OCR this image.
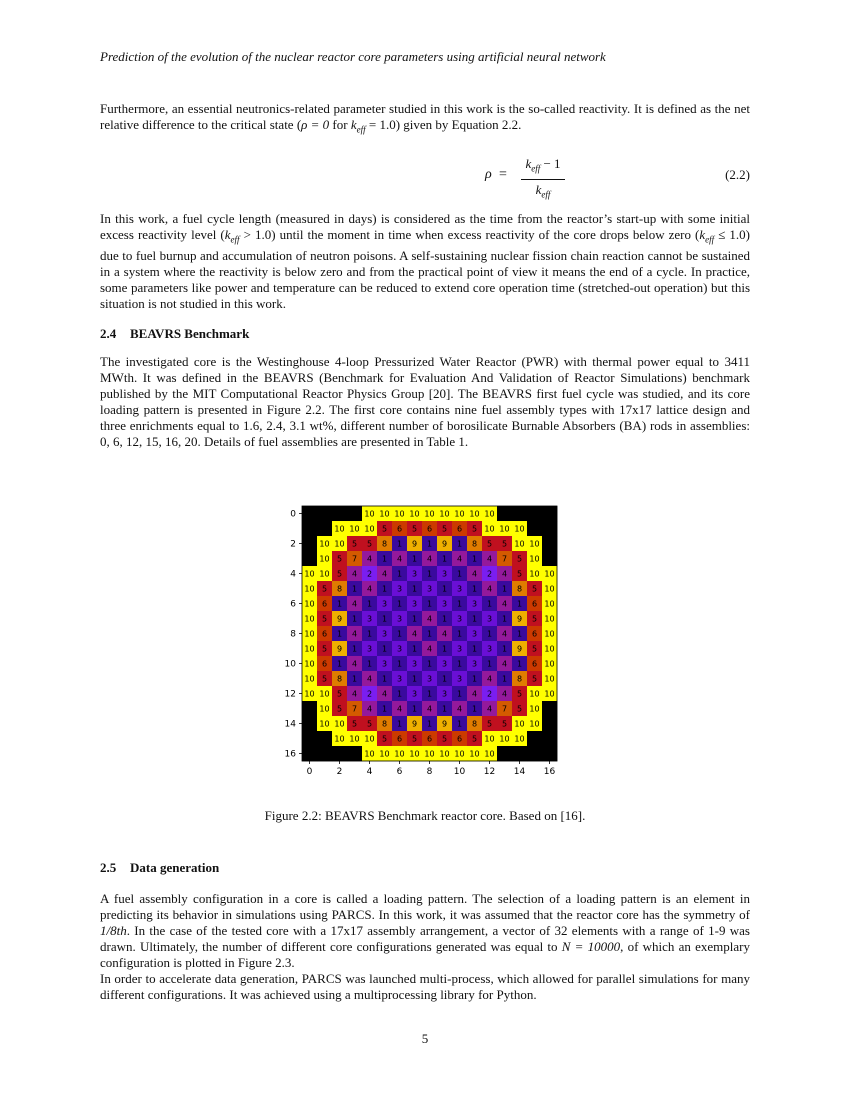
Prediction of the evolution of the nuclear reactor core parameters using artificial neural network
Furthermore, an essential neutronics-related parameter studied in this work is the so-called reactivity. It is defined as the net relative difference to the critical state (ρ = 0 for $k_{eff} = 1.0$) given by Equation 2.2.
ρ =
$k_{eff} - 1$
$k_{eff}$
(2.2)
In this work, a fuel cycle length (measured in days) is considered as the time from the reactor’s start-up with some initial excess reactivity level $(k_{eff} > 1.0)$ until the moment in time when excess reactivity of the core drops below zero $(k_{eff} \le 1.0)$ due to fuel burnup and accumulation of neutron poisons. A self-sustaining nuclear fission chain reaction cannot be sustained in a system where the reactivity is below zero and from the practical point of view it means the end of a cycle. In practice, some parameters like power and temperature can be reduced to extend core operation time (stretched-out operation) but this situation is not studied in this work.
2.4 BEAVRS Benchmark
The investigated core is the Westinghouse 4-loop Pressurized Water Reactor (PWR) with thermal power equal to 3411 MWth. It was defined in the BEAVRS (Benchmark for Evaluation And Validation of Reactor Simulations) benchmark published by the MIT Computational Reactor Physics Group [20]. The BEAVRS first fuel cycle was studied, and its core loading pattern is presented in Figure 2.2. The first core contains nine fuel assembly types with 17x17 lattice design and three enrichments equal to 1.6, 2.4, 3.1 wt%, different number of borosilicate Burnable Absorbers (BA) rods in assemblies: 0, 6, 12, 15, 16, 20. Details of fuel assemblies are presented in Table 1.
10 10 10 10 10 10 10 10 10
10 10 10 5 6 5 6 5 6 5 10 10 10
10 10 5 5 8 1 9 1 9 1 8 5 5 10 10
10 5 7 4 1 4 1 4 1 4 1 4 7 5 10
10 10 5 4 2 4 1 3 1 3 1 4 2 4 5 10 10
10 5 8 1 4 1 3 1 3 1 3 1 4 1 8 5 10
10 6 1 4 1 3 1 3 1 3 1 3 1 4 1 6 10
10 5 9 1 3 1 3 1 4 1 3 1 3 1 9 5 10
10 6 1 4 1 3 1 4 1 4 1 3 1 4 1 6 10
10 5 9 1 3 1 3 1 4 1 3 1 3 1 9 5 10
10 6 1 4 1 3 1 3 1 3 1 3 1 4 1 6 10
10 5 8 1 4 1 3 1 3 1 3 1 4 1 8 5 10
10 10 5 4 2 4 1 3 1 3 1 4 2 4 5 10 10
10 5 7 4 1 4 1 4 1 4 1 4 7 5 10
10 10 5 5 8 1 9 1 9 1 8 5 5 10 10
10 10 10 5 6 5 6 5 6 5 10 10 10
10 10 10 10 10 10 10 10 10
0	2	4	6	8 10 12 14 16
0
2
4
6
8
10
12
14
16
Figure 2.2: BEAVRS Benchmark reactor core. Based on [16].
2.5 Data generation
A fuel assembly configuration in a core is called a loading pattern. The selection of a loading pattern is an element in predicting its behavior in simulations using PARCS. In this work, it was assumed that the reactor core has the symmetry of 1/8th. In the case of the tested core with a 17x17 assembly arrangement, a vector of 32 elements with a range of 1-9 was drawn. Ultimately, the number of different core configurations generated was equal to N = 10000, of which an exemplary configuration is plotted in Figure 2.3.
In order to accelerate data generation, PARCS was launched multi-process, which allowed for parallel simulations for many different configurations. It was achieved using a multiprocessing library for Python.
5
